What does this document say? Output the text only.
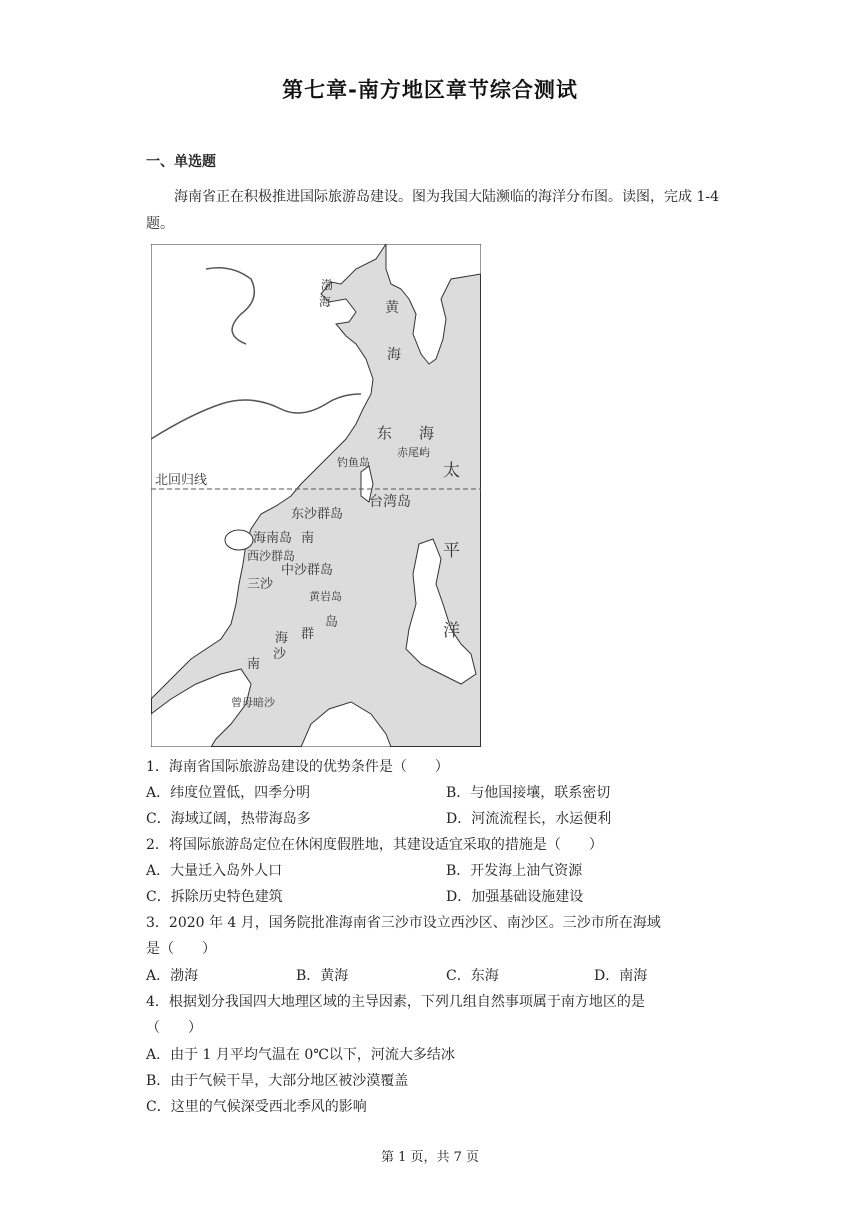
第七章-南方地区章节综合测试
一、单选题
海南省正在积极推进国际旅游岛建设。图为我国大陆濒临的海洋分布图。读图，完成 1-4 题。
渤
海	黄
海
东 海
赤尾屿
钓鱼岛
北回归线	太
台湾岛
东沙群岛
海南岛 南
西沙群岛	平
中沙群岛
三沙
黄岩岛
洋
海 群
岛
南
沙
曾母暗沙
1．海南省国际旅游岛建设的优势条件是（　　）
A．纬度位置低，四季分明	B．与他国接壤，联系密切
C．海域辽阔，热带海岛多	D．河流流程长，水运便利
2．将国际旅游岛定位在休闲度假胜地，其建设适宜采取的措施是（　　）
A．大量迁入岛外人口	B．开发海上油气资源
C．拆除历史特色建筑	D．加强基础设施建设
3．2020 年 4 月，国务院批准海南省三沙市设立西沙区、南沙区。三沙市所在海域
是（　　）
A．渤海	B．黄海	C．东海	D．南海
4．根据划分我国四大地理区域的主导因素，下列几组自然事项属于南方地区的是
（　　）
A．由于 1 月平均气温在 0℃以下，河流大多结冰
B．由于气候干旱，大部分地区被沙漠覆盖
C．这里的气候深受西北季风的影响
第 1 页，共 7 页
